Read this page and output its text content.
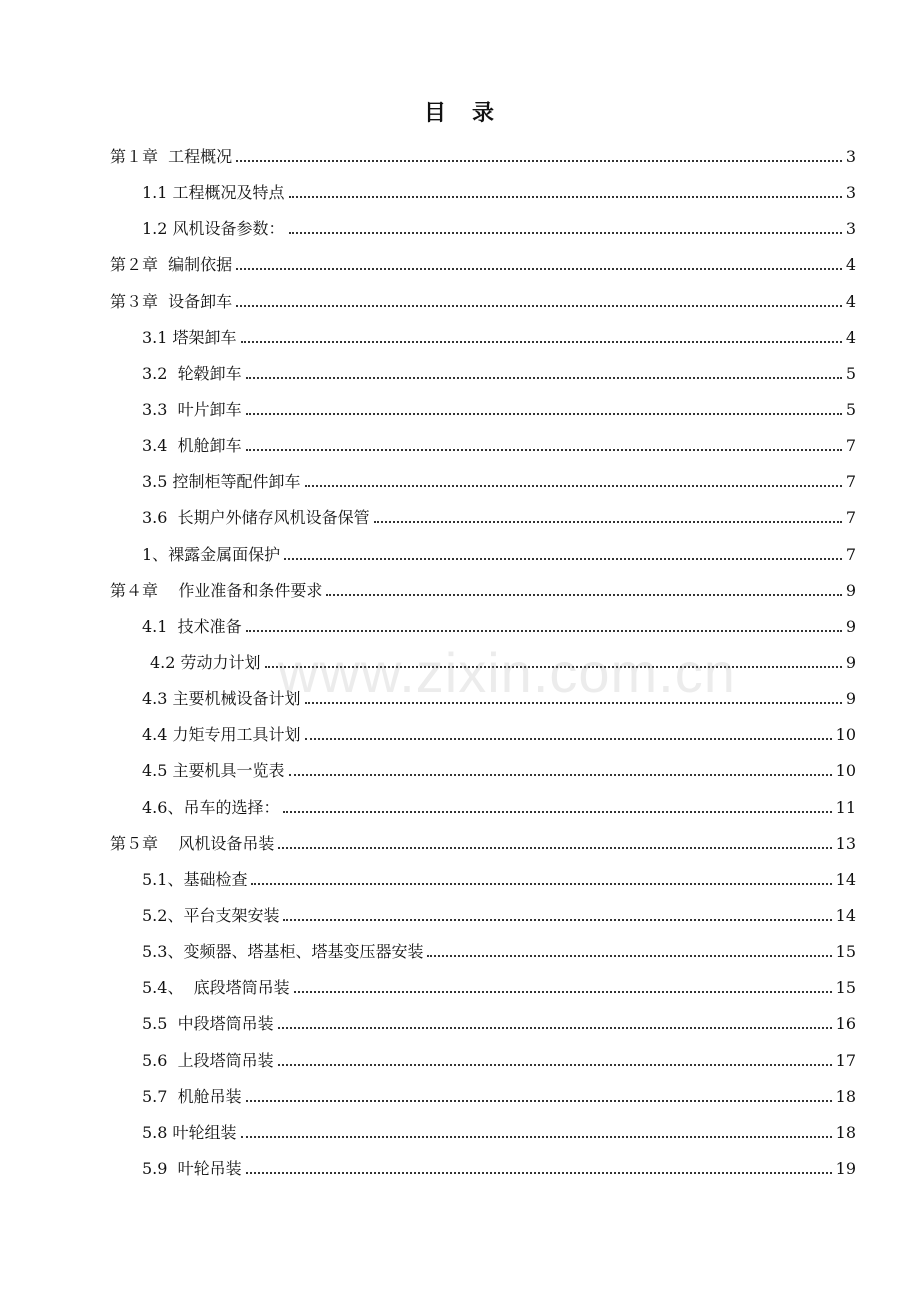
目　录
第１章  工程概况	3
1.1 工程概况及特点	3
1.2 风机设备参数：	3
第２章  编制依据	4
第３章  设备卸车	4
3.1 塔架卸车	4
3.2  轮毂卸车	5
3.3  叶片卸车	5
3.4  机舱卸车	7
3.5 控制柜等配件卸车	7
3.6  长期户外储存风机设备保管	7
1、裸露金属面保护	7
第４章    作业准备和条件要求	9
4.1  技术准备	9
4.2 劳动力计划	9
4.3 主要机械设备计划	9
4.4 力矩专用工具计划	10
4.5 主要机具一览表	10
4.6、吊车的选择：	11
第５章    风机设备吊装	13
5.1、基础检查	14
5.2、平台支架安装	14
5.3、变频器、塔基柜、塔基变压器安装	15
5.4、  底段塔筒吊装	15
5.5  中段塔筒吊装	16
5.6  上段塔筒吊装	17
5.7  机舱吊装	18
5.8 叶轮组装	18
5.9  叶轮吊装	19
www.zixin.com.cn
